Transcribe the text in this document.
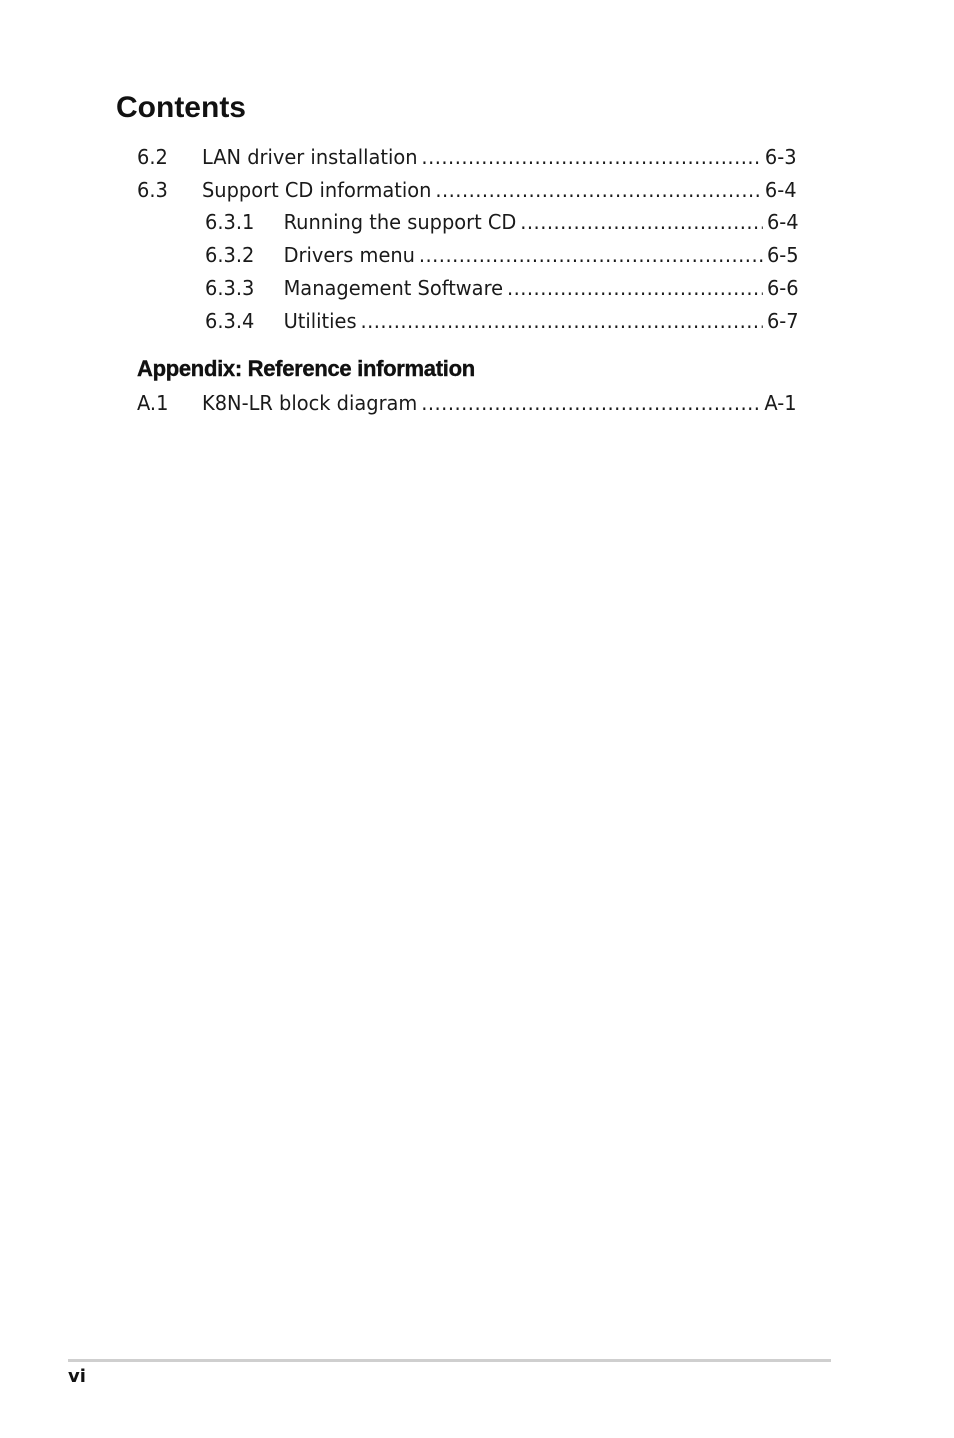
Contents
6.2	LAN driver installation .....	6-3
6.3	Support CD information .....	6-4
6.3.1	Running the support CD .....	6-4
6.3.2	Drivers menu .....	6-5
6.3.3	Management Software .....	6-6
6.3.4	Utilities .....	6-7
Appendix: Reference information
A.1	K8N-LR block diagram .....	A-1
vi
